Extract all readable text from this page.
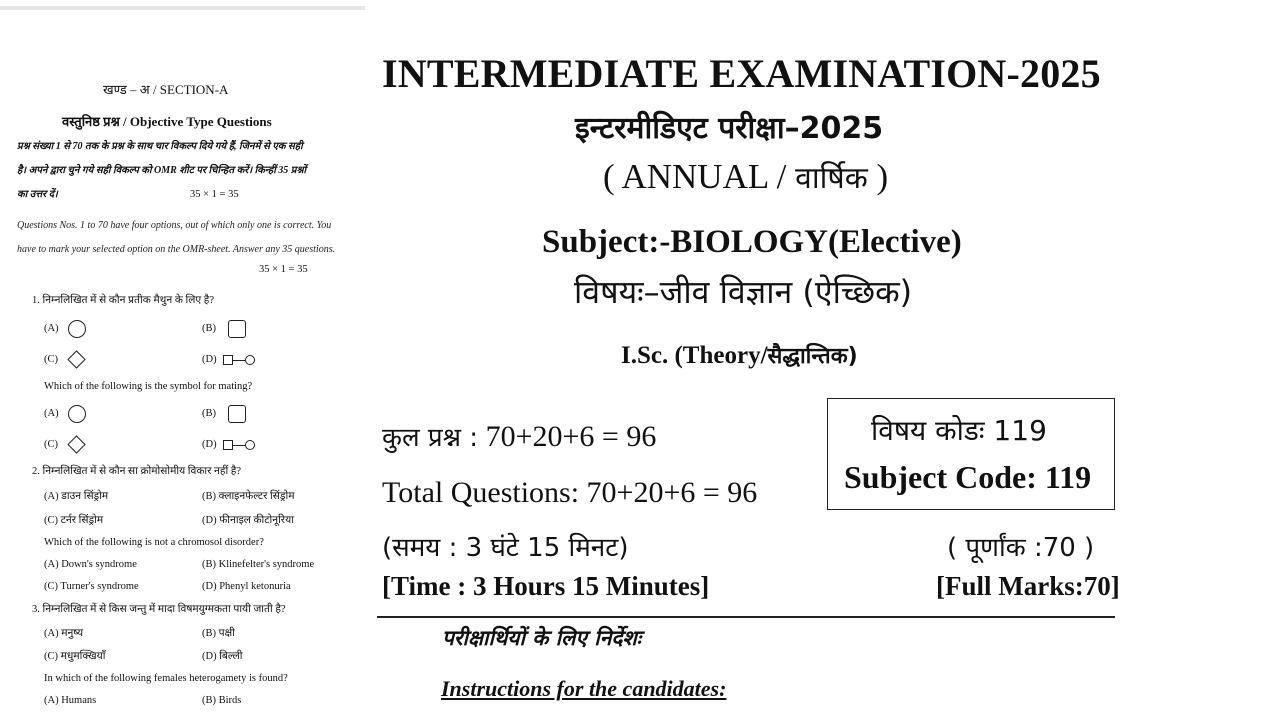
खण्ड – अ / SECTION-A
वस्तुनिष्ठ प्रश्न / Objective Type Questions
प्रश्न संख्या 1 से 70 तक के प्रश्न के साथ चार विकल्प दिये गये हैं, जिनमें से एक सही
है। अपने द्वारा चुने गये सही विकल्प को OMR शीट पर चिन्हित करें। किन्हीं 35 प्रश्नों
का उत्तर दें।	35 × 1 = 35
Questions Nos. 1 to 70 have four options, out of which only one is correct. You
have to mark your selected option on the OMR-sheet. Answer any 35 questions.
35 × 1 = 35
1. निम्नलिखित में से कौन प्रतीक मैथुन के लिए है?
(A)	(B)
(C)	(D)
Which of the following is the symbol for mating?
(A)	(B)
(C)	(D)
2. निम्नलिखित में से कौन सा क्रोमोसोमीय विकार नहीं है?
(A) डाउन सिंड्रोम	(B) क्लाइनफेल्टर सिंड्रोम
(C) टर्नर सिंड्रोम	(D) फीनाइल कीटोनूरिया
Which of the following is not a chromosol disorder?
(A) Down's syndrome	(B) Klinefelter's syndrome
(C) Turner's syndrome	(D) Phenyl ketonuria
3. निम्नलिखित में से किस जन्तु में मादा विषमयुग्मकता पायी जाती है?
(A) मनुष्य	(B) पक्षी
(C) मधुमक्खियाँ	(D) बिल्ली
In which of the following females heterogamety is found?
(A) Humans	(B) Birds
INTERMEDIATE EXAMINATION-2025
इन्टरमीडिएट परीक्षा–2025
( ANNUAL / वार्षिक )
Subject:-BIOLOGY(Elective)
विषयः–जीव विज्ञान (ऐच्छिक)
I.Sc. (Theory/सैद्धान्तिक)
कुल प्रश्न : 70+20+6 = 96
Total Questions: 70+20+6 = 96
(समय : 3 घंटे 15 मिनट)
[Time : 3 Hours 15 Minutes]
विषय कोडः 119
Subject Code: 119
( पूर्णांक :70 )
[Full Marks:70]
परीक्षार्थियों के लिए निर्देशः
Instructions for the candidates:
